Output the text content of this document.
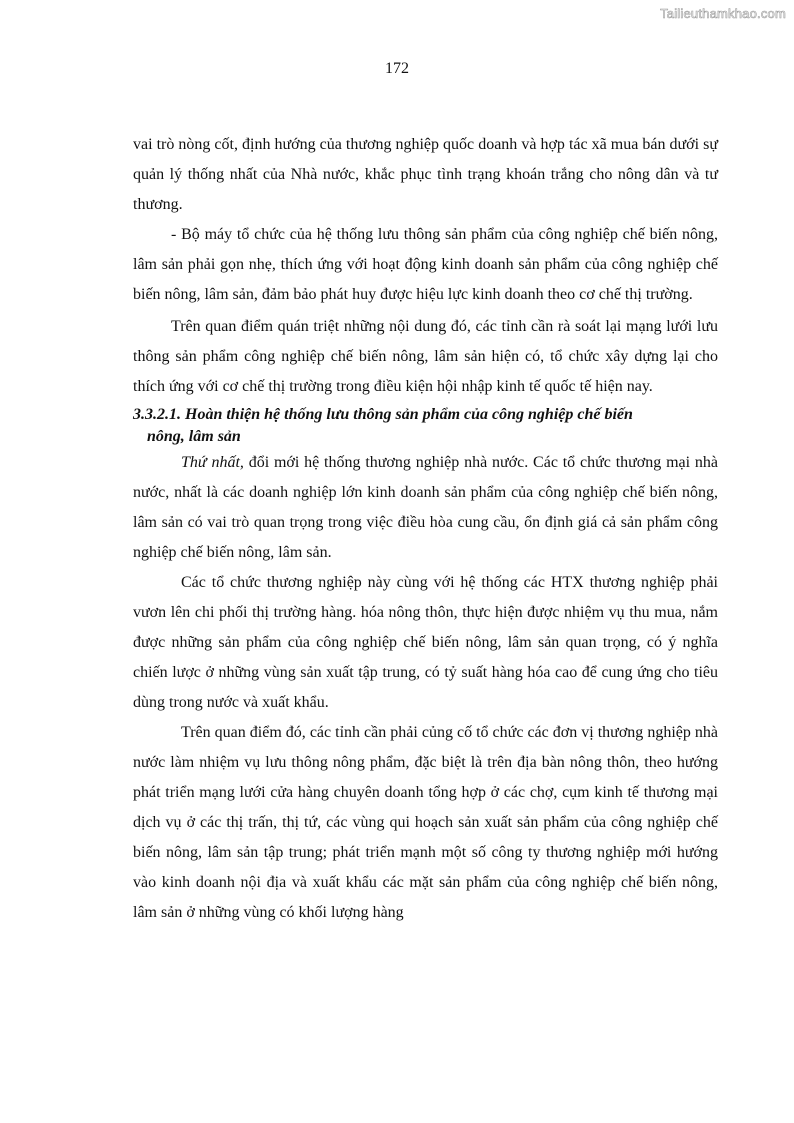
Tailieuthamkhao.com
172

vai trò nòng cốt, định hướng của thương nghiệp quốc doanh và hợp tác xã mua bán dưới sự quản lý thống nhất của Nhà nước, khắc phục tình trạng khoán trắng cho nông dân và tư thương.

- Bộ máy tổ chức của hệ thống lưu thông sản phẩm của công nghiệp chế biến nông, lâm sản phải gọn nhẹ, thích ứng với hoạt động kinh doanh sản phẩm của công nghiệp chế biến nông, lâm sản, đảm bảo phát huy được hiệu lực kinh doanh theo cơ chế thị trường.

Trên quan điểm quán triệt những nội dung đó, các tỉnh cần rà soát lại mạng lưới lưu thông sản phẩm công nghiệp chế biến nông, lâm sản hiện có, tổ chức xây dựng lại cho thích ứng với cơ chế thị trường trong điều kiện hội nhập kinh tế quốc tế hiện nay.

3.3.2.1. Hoàn thiện hệ thống lưu thông sản phẩm của công nghiệp chế biến
nông, lâm sản

Thứ nhất, đổi mới hệ thống thương nghiệp nhà nước. Các tổ chức thương mại nhà nước, nhất là các doanh nghiệp lớn kinh doanh sản phẩm của công nghiệp chế biến nông, lâm sản có vai trò quan trọng trong việc điều hòa cung cầu, ổn định giá cả sản phẩm công nghiệp chế biến nông, lâm sản.

Các tổ chức thương nghiệp này cùng với hệ thống các HTX thương nghiệp phải vươn lên chi phối thị trường hàng. hóa nông thôn, thực hiện được nhiệm vụ thu mua, nắm được những sản phẩm của công nghiệp chế biến nông, lâm sản quan trọng, có ý nghĩa chiến lược ở những vùng sản xuất tập trung, có tỷ suất hàng hóa cao để cung ứng cho tiêu dùng trong nước và xuất khẩu.

Trên quan điểm đó, các tỉnh cần phải củng cố tổ chức các đơn vị thương nghiệp nhà nước làm nhiệm vụ lưu thông nông phẩm, đặc biệt là trên địa bàn nông thôn, theo hướng phát triển mạng lưới cửa hàng chuyên doanh tổng hợp ở các chợ, cụm kinh tế thương mại dịch vụ ở các thị trấn, thị tứ, các vùng qui hoạch sản xuất sản phẩm của công nghiệp chế biến nông, lâm sản tập trung; phát triển mạnh một số công ty thương nghiệp mới hướng vào kinh doanh nội địa và xuất khẩu các mặt sản phẩm của công nghiệp chế biến nông, lâm sản ở những vùng có khối lượng hàng
